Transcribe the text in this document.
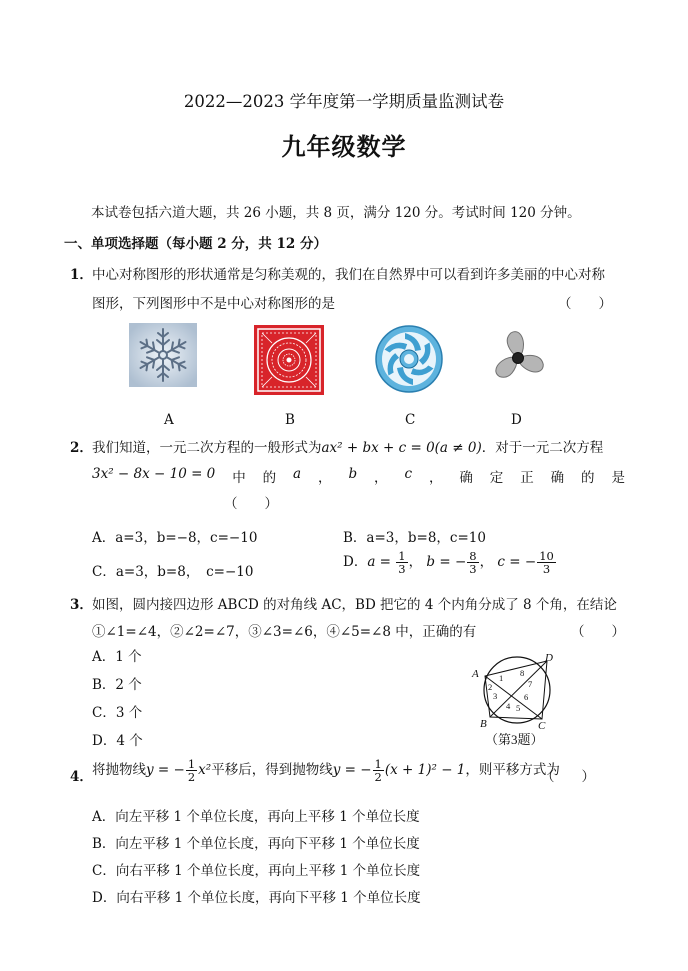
2022—2023 学年度第一学期质量监测试卷
九年级数学
本试卷包括六道大题，共 26 小题，共 8 页，满分 120 分。考试时间 120 分钟。
一、单项选择题（每小题 2 分，共 12 分）
1． 中心对称图形的形状通常是匀称美观的，我们在自然界中可以看到许多美丽的中心对称
图形，下列图形中不是中心对称图形的是	（　　）
A	B	C	D
2． 我们知道，一元二次方程的一般形式为ax² + bx + c = 0(a ≠ 0)．对于一元二次方程
3x² − 8x − 10 = 0 中 的 a ， b ， c ， 确 定 正 确 的 是
（　　）
A．a=3，b=−8，c=−10	B．a=3，b=8，c=10
C．a=3，b=8，　c=−10
D．$a = \frac{1}{3}$ ， b = − $\frac{8}{3}$ ， c = − $\frac{10}{3}$
3． 如图，圆内接四边形 ABCD 的对角线 AC，BD 把它的 4 个内角分成了 8 个角，在结论
①∠1=∠4，②∠2=∠7，③∠3=∠6，④∠5=∠8 中，正确的有	（　　）
A．1 个
B．2 个
C．3 个
D．4 个
A
B	C
D
1
2
3
4 5
6
7
8
（第3题）
4． 将抛物线y = − $\frac{1}{2} x^2$平移后，得到抛物线y = − $\frac{1}{2} (x + 1)^2 - 1$，则平移方式为
（　　）
A．向左平移 1 个单位长度，再向上平移 1 个单位长度
B．向左平移 1 个单位长度，再向下平移 1 个单位长度
C．向右平移 1 个单位长度，再向上平移 1 个单位长度
D．向右平移 1 个单位长度，再向下平移 1 个单位长度
